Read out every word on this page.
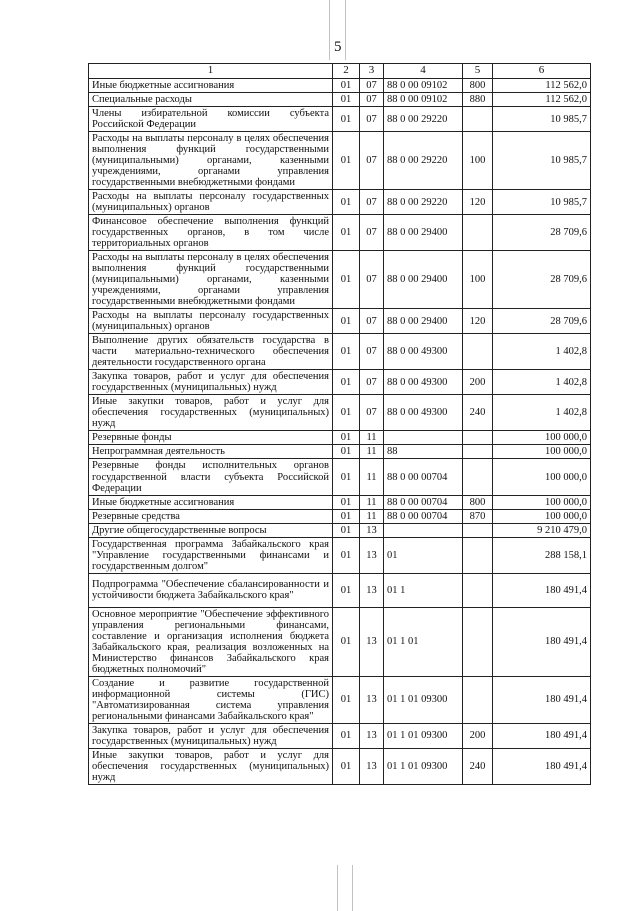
5
1	2	3	4	5	6
Иные бюджетные ассигнования	01	07	88 0 00 09102	800	112 562,0
Специальные расходы	01	07	88 0 00 09102	880	112 562,0
Члены избирательной комиссии субъекта Российской Федерации	01	07	88 0 00 29220		10 985,7
Расходы на выплаты персоналу в целях обеспечения выполнения функций государственными (муниципальными) органами, казенными учреждениями, органами управления государственными внебюджетными фондами	01	07	88 0 00 29220	100	10 985,7
Расходы на выплаты персоналу государственных (муниципальных) органов	01	07	88 0 00 29220	120	10 985,7
Финансовое обеспечение выполнения функций государственных органов, в том числе территориальных органов	01	07	88 0 00 29400		28 709,6
Расходы на выплаты персоналу в целях обеспечения выполнения функций государственными (муниципальными) органами, казенными учреждениями, органами управления государственными внебюджетными фондами	01	07	88 0 00 29400	100	28 709,6
Расходы на выплаты персоналу государственных (муниципальных) органов	01	07	88 0 00 29400	120	28 709,6
Выполнение других обязательств государства в части материально-технического обеспечения деятельности государственного органа	01	07	88 0 00 49300		1 402,8
Закупка товаров, работ и услуг для обеспечения государственных (муниципальных) нужд	01	07	88 0 00 49300	200	1 402,8
Иные закупки товаров, работ и услуг для обеспечения государственных (муниципальных) нужд	01	07	88 0 00 49300	240	1 402,8
Резервные фонды	01	11			100 000,0
Непрограммная деятельность	01	11	88		100 000,0
Резервные фонды исполнительных органов государственной власти субъекта Российской Федерации	01	11	88 0 00 00704		100 000,0
Иные бюджетные ассигнования	01	11	88 0 00 00704	800	100 000,0
Резервные средства	01	11	88 0 00 00704	870	100 000,0
Другие общегосударственные вопросы	01	13			9 210 479,0
Государственная программа Забайкальского края "Управление государственными финансами и государственным долгом"	01	13	01		288 158,1
Подпрограмма "Обеспечение сбалансированности и устойчивости бюджета Забайкальского края"	01	13	01 1		180 491,4
Основное мероприятие "Обеспечение эффективного управления региональными финансами, составление и организация исполнения бюджета Забайкальского края, реализация возложенных на Министерство финансов Забайкальского края бюджетных полномочий"	01	13	01 1 01		180 491,4
Создание и развитие государственной информационной системы (ГИС) "Автоматизированная система управления региональными финансами Забайкальского края"	01	13	01 1 01 09300		180 491,4
Закупка товаров, работ и услуг для обеспечения государственных (муниципальных) нужд	01	13	01 1 01 09300	200	180 491,4
Иные закупки товаров, работ и услуг для обеспечения государственных (муниципальных) нужд	01	13	01 1 01 09300	240	180 491,4
